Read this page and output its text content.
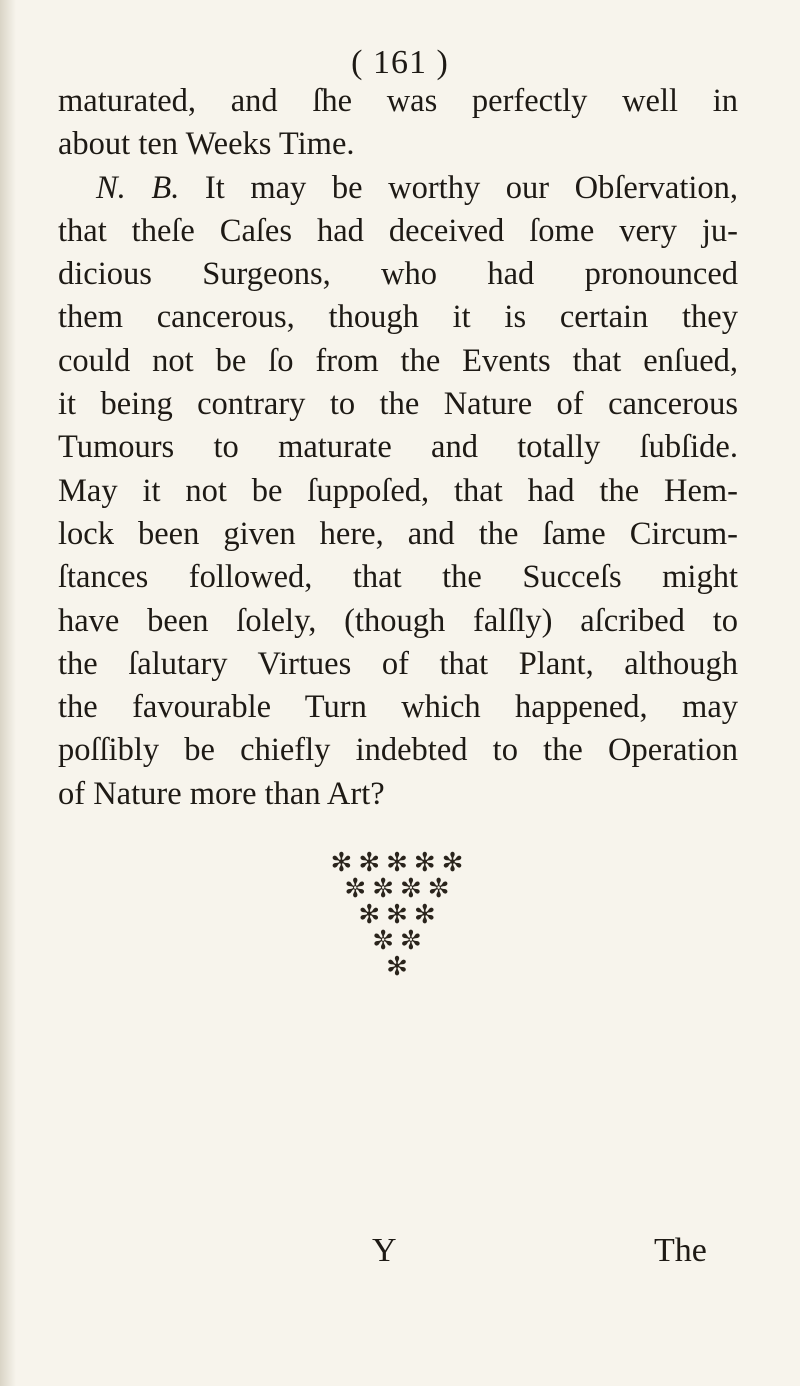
( 161 )
maturated, and ſhe was perfectly well in
about ten Weeks Time.
N. B. It may be worthy our Obſervation,
that theſe Caſes had deceived ſome very ju-
dicious Surgeons, who had pronounced
them cancerous, though it is certain they
could not be ſo from the Events that enſued,
it being contrary to the Nature of cancerous
Tumours to maturate and totally ſubſide.
May it not be ſuppoſed, that had the Hem-
lock been given here, and the ſame Circum-
ſtances followed, that the Succeſs might
have been ſolely, (though falſly) aſcribed to
the ſalutary Virtues of that Plant, although
the favourable Turn which happened, may
poſſibly be chiefly indebted to the Operation
of Nature more than Art?
✻✻✻✻✻
✼✼✼✼
✻✻✻
✼✼
✻
Y	The
